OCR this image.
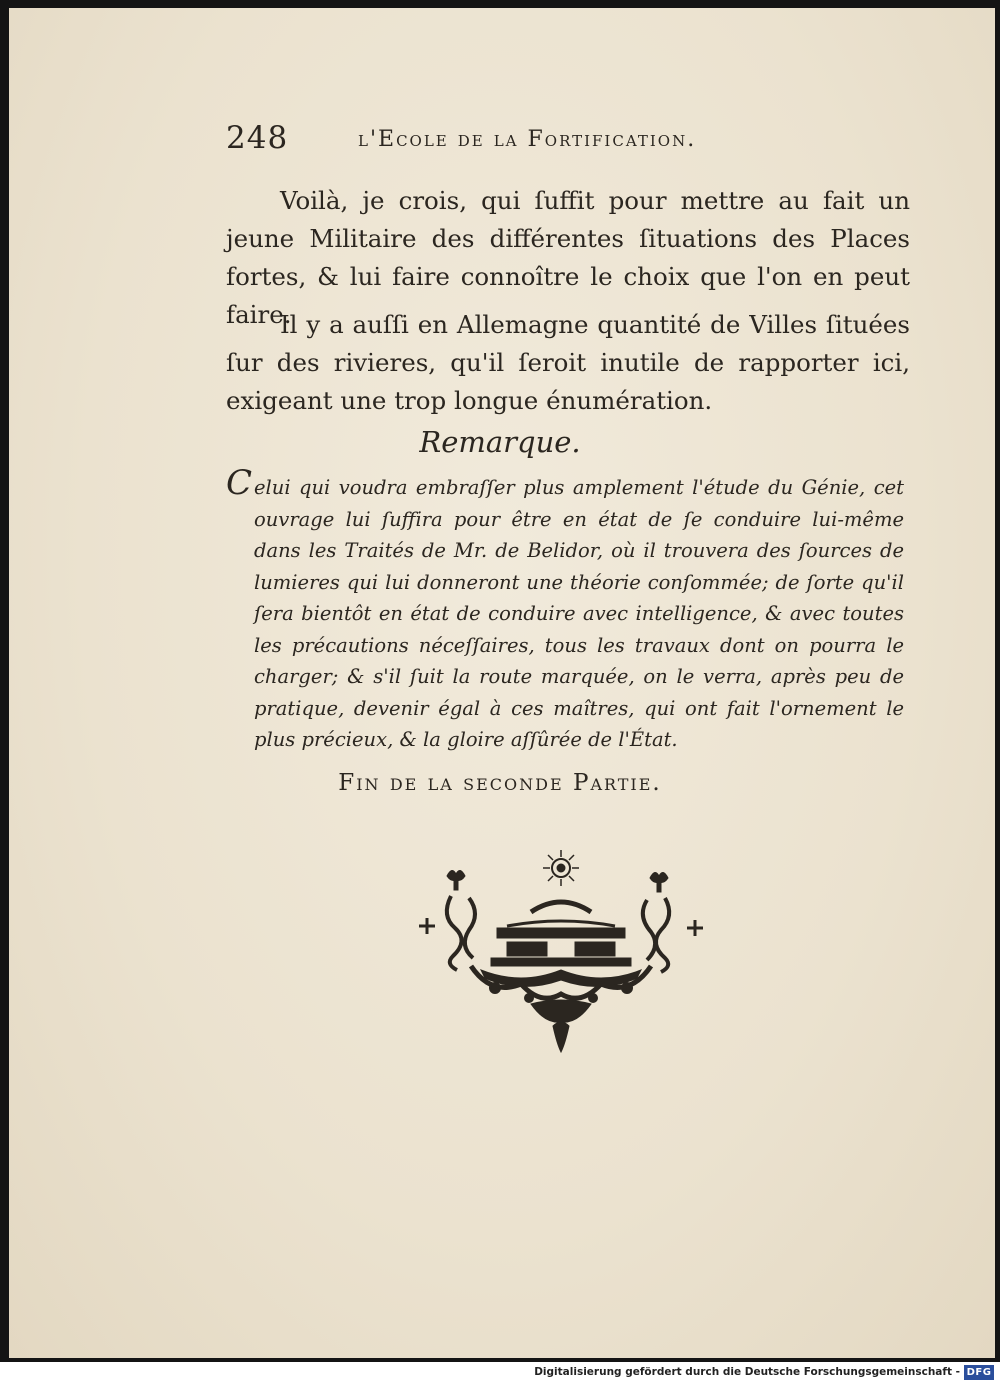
248	l'Ecole de la Fortification.
Voilà, je crois, qui ſuffit pour mettre au fait un jeune Militaire des différentes ſituations des Places fortes, & lui faire connoître le choix que l'on en peut faire.
Il y a auſſi en Allemagne quantité de Villes ſituées ſur des rivieres, qu'il ſeroit inutile de rapporter ici, exigeant une trop longue énumération.
Remarque.
C elui qui voudra embraſſer plus amplement l'étude du Génie, cet ouvrage lui ſuffira pour être en état de ſe conduire lui-même dans les Traités de Mr. de Belidor, où il trouvera des ſources de lumieres qui lui donneront une théorie conſommée; de ſorte qu'il ſera bientôt en état de conduire avec intelligence, & avec toutes les précautions néceſſaires, tous les travaux dont on pourra le charger; & s'il ſuit la route marquée, on le verra, après peu de pratique, devenir égal à ces maîtres, qui ont fait l'ornement le plus précieux, & la gloire aſſûrée de l'État.
Fin de la seconde Partie.
Digitalisierung gefördert durch die Deutsche Forschungsgemeinschaft - DFG
